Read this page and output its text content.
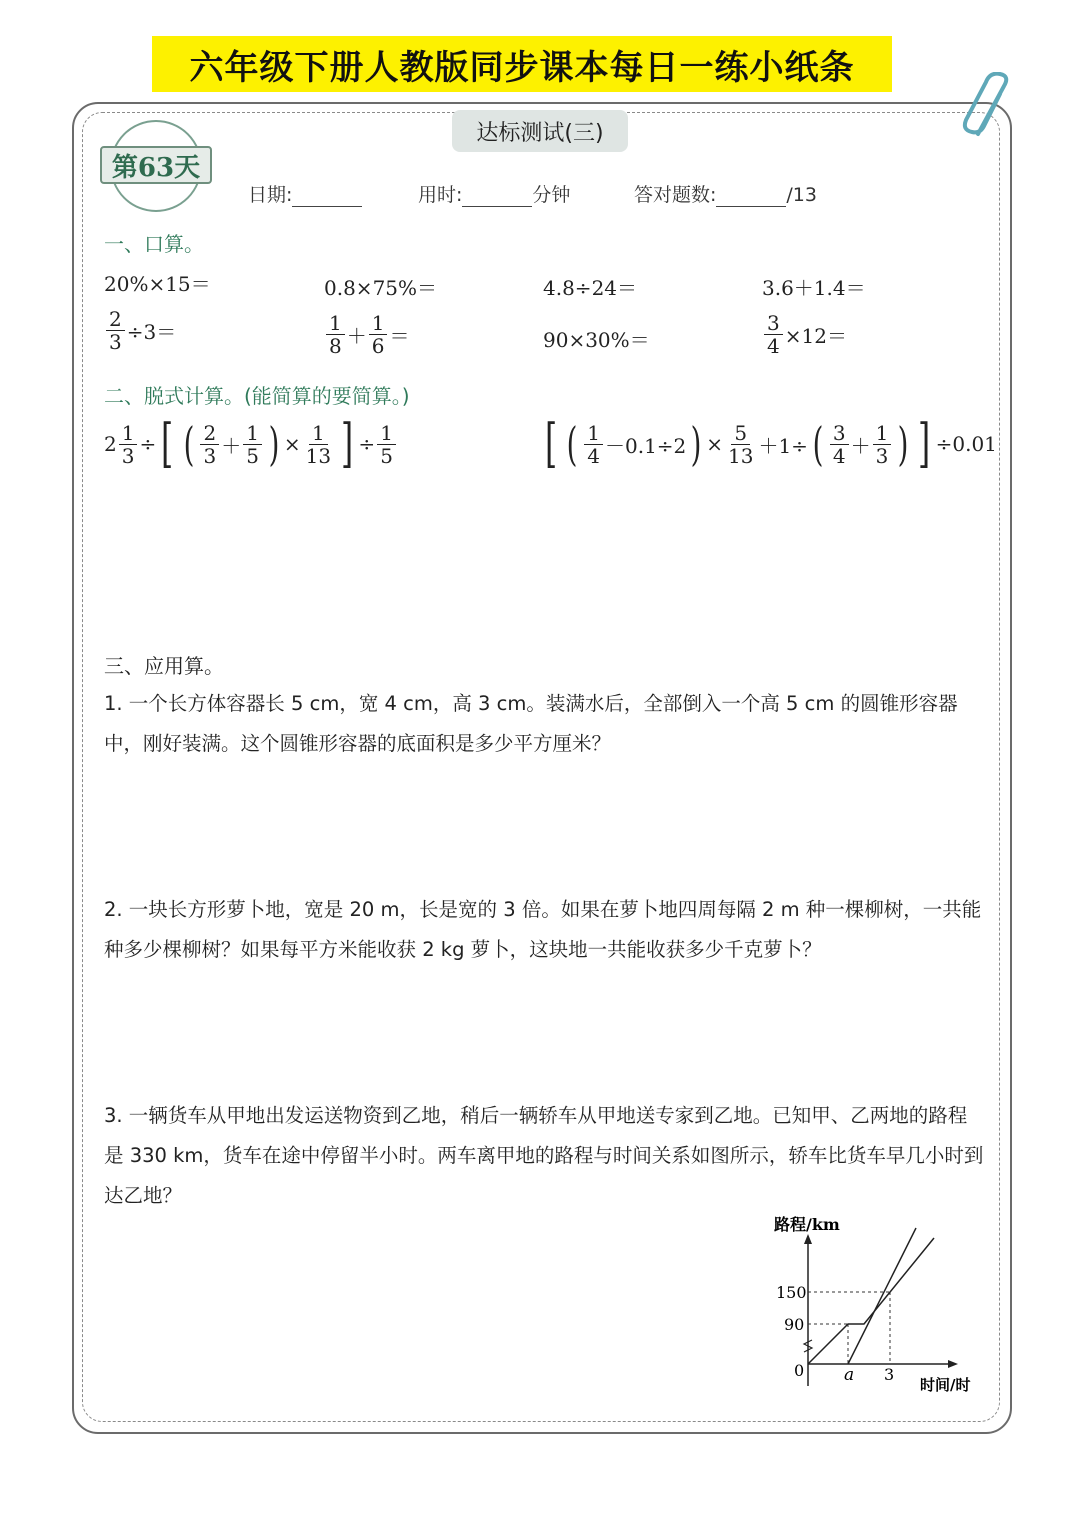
六年级下册人教版同步课本每日一练小纸条
达标测试(三)
第63天
日期:	用时:	分钟	答对题数:	/13
一、口算。
20%×15＝	0.8×75%＝	4.8÷24＝	3.6＋1.4＝
$\frac{2}{3} \div 3=$	$\frac{1}{8} + \frac{1}{6}$ ＝	90×30%＝	$\frac{3}{4} \times 12=$
二、脱式计算。(能简算的要简算。)
$2 \frac{1}{3}$ ÷ [ ( $\frac{2}{3} + \frac{1}{5}$ ) × $\frac{1}{13}$ ] ÷ $\frac{1}{5}$	[ ( $\frac{1}{4} -0.1\div 2$ ) × $\frac{5}{13} +1\div$ ( $\frac{3}{4} + \frac{1}{3}$ ) ] ÷0.01
三、应用算。
1. 一个长方体容器长 5 cm，宽 4 cm，高 3 cm。装满水后，全部倒入一个高 5 cm 的圆锥形容器中，刚好装满。这个圆锥形容器的底面积是多少平方厘米？
2. 一块长方形萝卜地，宽是 20 m，长是宽的 3 倍。如果在萝卜地四周每隔 2 m 种一棵柳树，一共能种多少棵柳树？如果每平方米能收获 2 kg 萝卜，这块地一共能收获多少千克萝卜？
3. 一辆货车从甲地出发运送物资到乙地，稍后一辆轿车从甲地送专家到乙地。已知甲、乙两地的路程是 330 km，货车在途中停留半小时。两车离甲地的路程与时间关系如图所示，轿车比货车早几小时到达乙地？
路程/km
时间/时
0
150
90
a 3
